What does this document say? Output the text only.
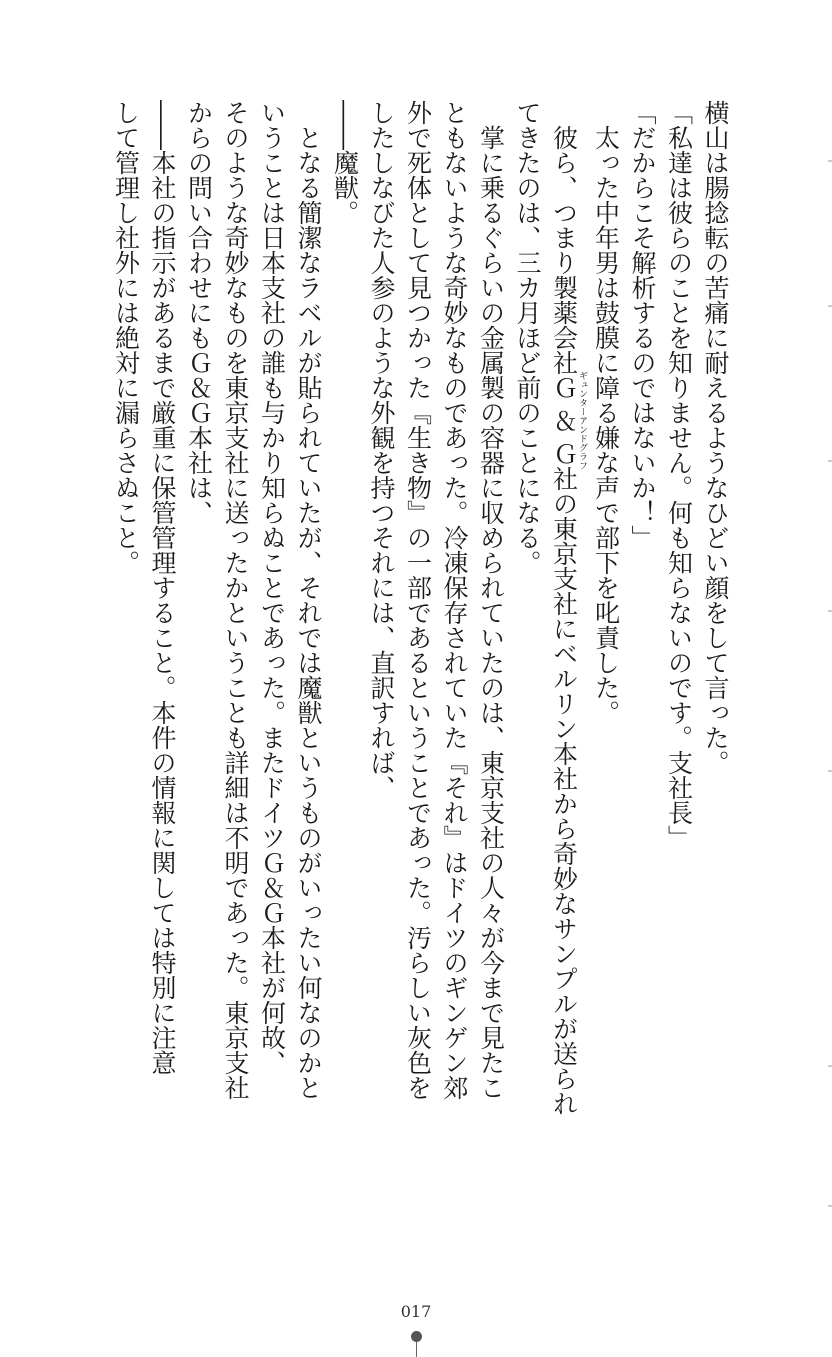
横山は腸捻転の苦痛に耐えるようなひどい顔をして言った。
「私達は彼らのことを知りません。何も知らないのです。支社長」
「だからこそ解析するのではないか！」
　太った中年男は鼓膜に障る嫌な声で部下を叱責した。
　彼ら、つまり製薬会社Ｇ＆Ｇギュンターアンドグラフ社の東京支社にベルリン本社から奇妙なサンプルが送られ
てきたのは、三カ月ほど前のことになる。
　掌に乗るぐらいの金属製の容器に収められていたのは、東京支社の人々が今まで見たこ
ともないような奇妙なものであった。冷凍保存されていた『それ』はドイツのギンゲン郊
外で死体として見つかった『生き物』の一部であるということであった。汚らしい灰色を
したしなびた人参のような外観を持つそれには、直訳すれば、
――魔獣。
　となる簡潔なラベルが貼られていたが、それでは魔獣というものがいったい何なのかと
いうことは日本支社の誰も与かり知らぬことであった。またドイツＧ＆Ｇ本社が何故、
そのような奇妙なものを東京支社に送ったかということも詳細は不明であった。東京支社
からの問い合わせにもＧ＆Ｇ本社は、
――本社の指示があるまで厳重に保管管理すること。本件の情報に関しては特別に注意
して管理し社外には絶対に漏らさぬこと。
017
